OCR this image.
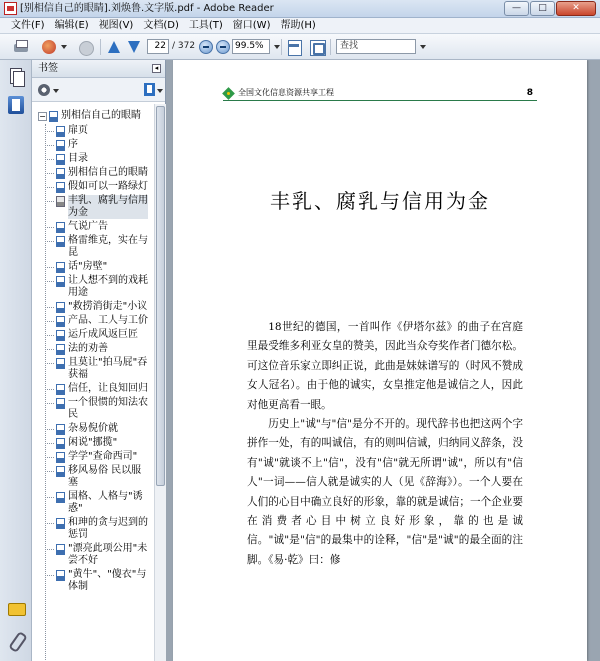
[别相信自己的眼睛].刘焕鲁.文字版.pdf - Adobe Reader	—	□	✕
文件(F)	编辑(E)	视图(V)	文档(D)	工具(T)	窗口(W)	帮助(H)
22 / 372	99.5%	查找
书签	◂
− 别相信自己的眼睛
扉页
序
目录
别相信自己的眼睛
假如可以一路绿灯
丰乳、腐乳与信用为金
气说广告
格雷维克，实在与昆
话"房壁"
让人想不到的戏耗用途
"救捞消街走"小议
产品、工人与工价
运斤成风返巨匠
法的劝善
且莫让"拍马屁"吞获福
信任，让良知回归
一个很惯的知法农民
杂易倪价就
闲说"挪揽"
学学"查命西司"
移风易俗 民以服塞
国格、人格与"诱惑"
和珅的贪与迟到的惩罚
"漂亮此项公用"未尝不好
"黄牛"、"傻衣"与体制
全国文化信息资源共享工程	8
丰乳、腐乳与信用为金

18世纪的德国，一首叫作《伊塔尔兹》的曲子在宫庭里最受维多利亚女皇的赞美，因此当众夸奖作者门德尔松。可这位音乐家立即纠正说，此曲是妹妹谱写的（时风不赞成女人冠名）。由于他的诚实，女皇推定他是诚信之人，因此对他更高看一眼。

历史上"诚"与"信"是分不开的。现代辞书也把这两个字拼作一处，有的叫诚信，有的则叫信诚，归纳同义辞条，没有"诚"就谈不上"信"，没有"信"就无所谓"诚"，所以有"信人"一词——信人就是诚实的人（见《辞海》）。一个人要在人们的心目中确立良好的形象，靠的就是诚信；一个企业要在消费者心目中树立良好形象，靠的也是诚信。"诚"是"信"的最集中的诠释，"信"是"诚"的最全面的注脚。《易·乾》曰：修
